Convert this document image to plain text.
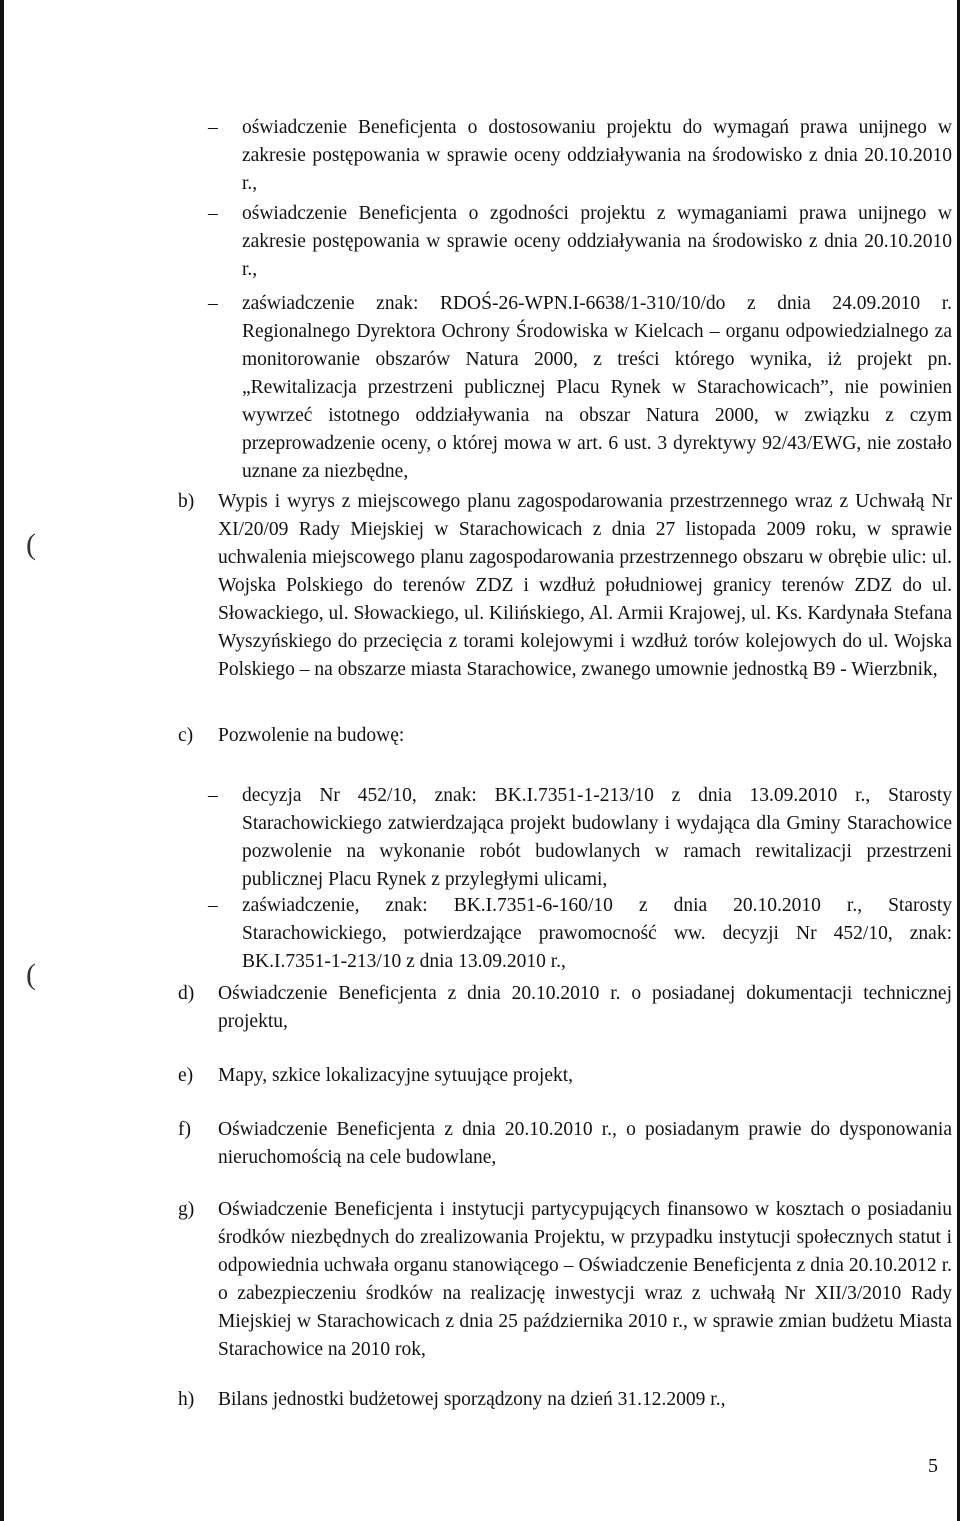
(
(
– oświadczenie Beneficjenta o dostosowaniu projektu do wymagań prawa unijnego w zakresie postępowania w sprawie oceny oddziaływania na środowisko z dnia 20.10.2010 r.,
– oświadczenie Beneficjenta o zgodności projektu z wymaganiami prawa unijnego w zakresie postępowania w sprawie oceny oddziaływania na środowisko z dnia 20.10.2010 r.,
– zaświadczenie znak: RDOŚ-26-WPN.I-6638/1-310/10/do z dnia 24.09.2010 r. Regionalnego Dyrektora Ochrony Środowiska w Kielcach – organu odpowiedzialnego za monitorowanie obszarów Natura 2000, z treści którego wynika, iż projekt pn. „Rewitalizacja przestrzeni publicznej Placu Rynek w Starachowicach”, nie powinien wywrzeć istotnego oddziaływania na obszar Natura 2000, w związku z czym przeprowadzenie oceny, o której mowa w art. 6 ust. 3 dyrektywy 92/43/EWG, nie zostało uznane za niezbędne,
b) Wypis i wyrys z miejscowego planu zagospodarowania przestrzennego wraz z Uchwałą Nr XI/20/09 Rady Miejskiej w Starachowicach z dnia 27 listopada 2009 roku, w sprawie uchwalenia miejscowego planu zagospodarowania przestrzennego obszaru w obrębie ulic: ul. Wojska Polskiego do terenów ZDZ i wzdłuż południowej granicy terenów ZDZ do ul. Słowackiego, ul. Słowackiego, ul. Kilińskiego, Al. Armii Krajowej, ul. Ks. Kardynała Stefana Wyszyńskiego do przecięcia z torami kolejowymi i wzdłuż torów kolejowych do ul. Wojska Polskiego – na obszarze miasta Starachowice, zwanego umownie jednostką B9 - Wierzbnik,
c) Pozwolenie na budowę:
– decyzja Nr 452/10, znak: BK.I.7351-1-213/10 z dnia 13.09.2010 r., Starosty Starachowickiego zatwierdzająca projekt budowlany i wydająca dla Gminy Starachowice pozwolenie na wykonanie robót budowlanych w ramach rewitalizacji przestrzeni publicznej Placu Rynek z przyległymi ulicami,
– zaświadczenie, znak: BK.I.7351-6-160/10 z dnia 20.10.2010 r., Starosty Starachowickiego, potwierdzające prawomocność ww. decyzji Nr 452/10, znak: BK.I.7351-1-213/10 z dnia 13.09.2010 r.,
d) Oświadczenie Beneficjenta z dnia 20.10.2010 r. o posiadanej dokumentacji technicznej projektu,
e) Mapy, szkice lokalizacyjne sytuujące projekt,
f) Oświadczenie Beneficjenta z dnia 20.10.2010 r., o posiadanym prawie do dysponowania nieruchomością na cele budowlane,
g) Oświadczenie Beneficjenta i instytucji partycypujących finansowo w kosztach o posiadaniu środków niezbędnych do zrealizowania Projektu, w przypadku instytucji społecznych statut i odpowiednia uchwała organu stanowiącego – Oświadczenie Beneficjenta z dnia 20.10.2012 r. o zabezpieczeniu środków na realizację inwestycji wraz z uchwałą Nr XII/3/2010 Rady Miejskiej w Starachowicach z dnia 25 października 2010 r., w sprawie zmian budżetu Miasta Starachowice na 2010 rok,
h) Bilans jednostki budżetowej sporządzony na dzień 31.12.2009 r.,
5
